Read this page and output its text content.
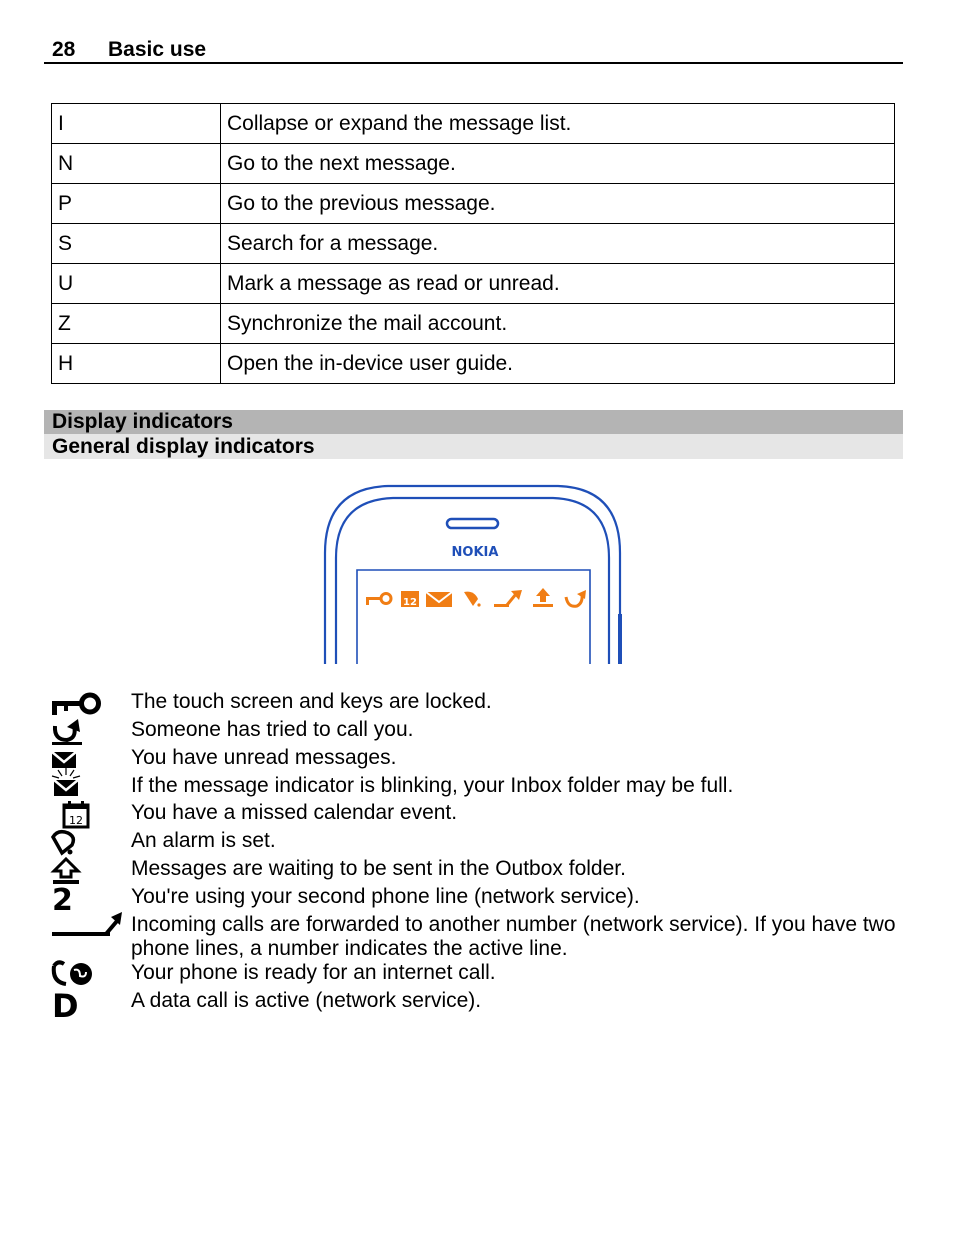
28 Basic use
I	Collapse or expand the message list.
N	Go to the next message.
P	Go to the previous message.
S	Search for a message.
U	Mark a message as read or unread.
Z	Synchronize the mail account.
H	Open the in-device user guide.
Display indicators
General display indicators
NOKIA
12
The touch screen and keys are locked.
Someone has tried to call you.
You have unread messages.
If the message indicator is blinking, your Inbox folder may be full.
12 You have a missed calendar event.
An alarm is set.
Messages are waiting to be sent in the Outbox folder.
2	You're using your second phone line (network service).
Incoming calls are forwarded to another number (network service). If you have two phone lines, a number indicates the active line.
Your phone is ready for an internet call.
D A data call is active (network service).
